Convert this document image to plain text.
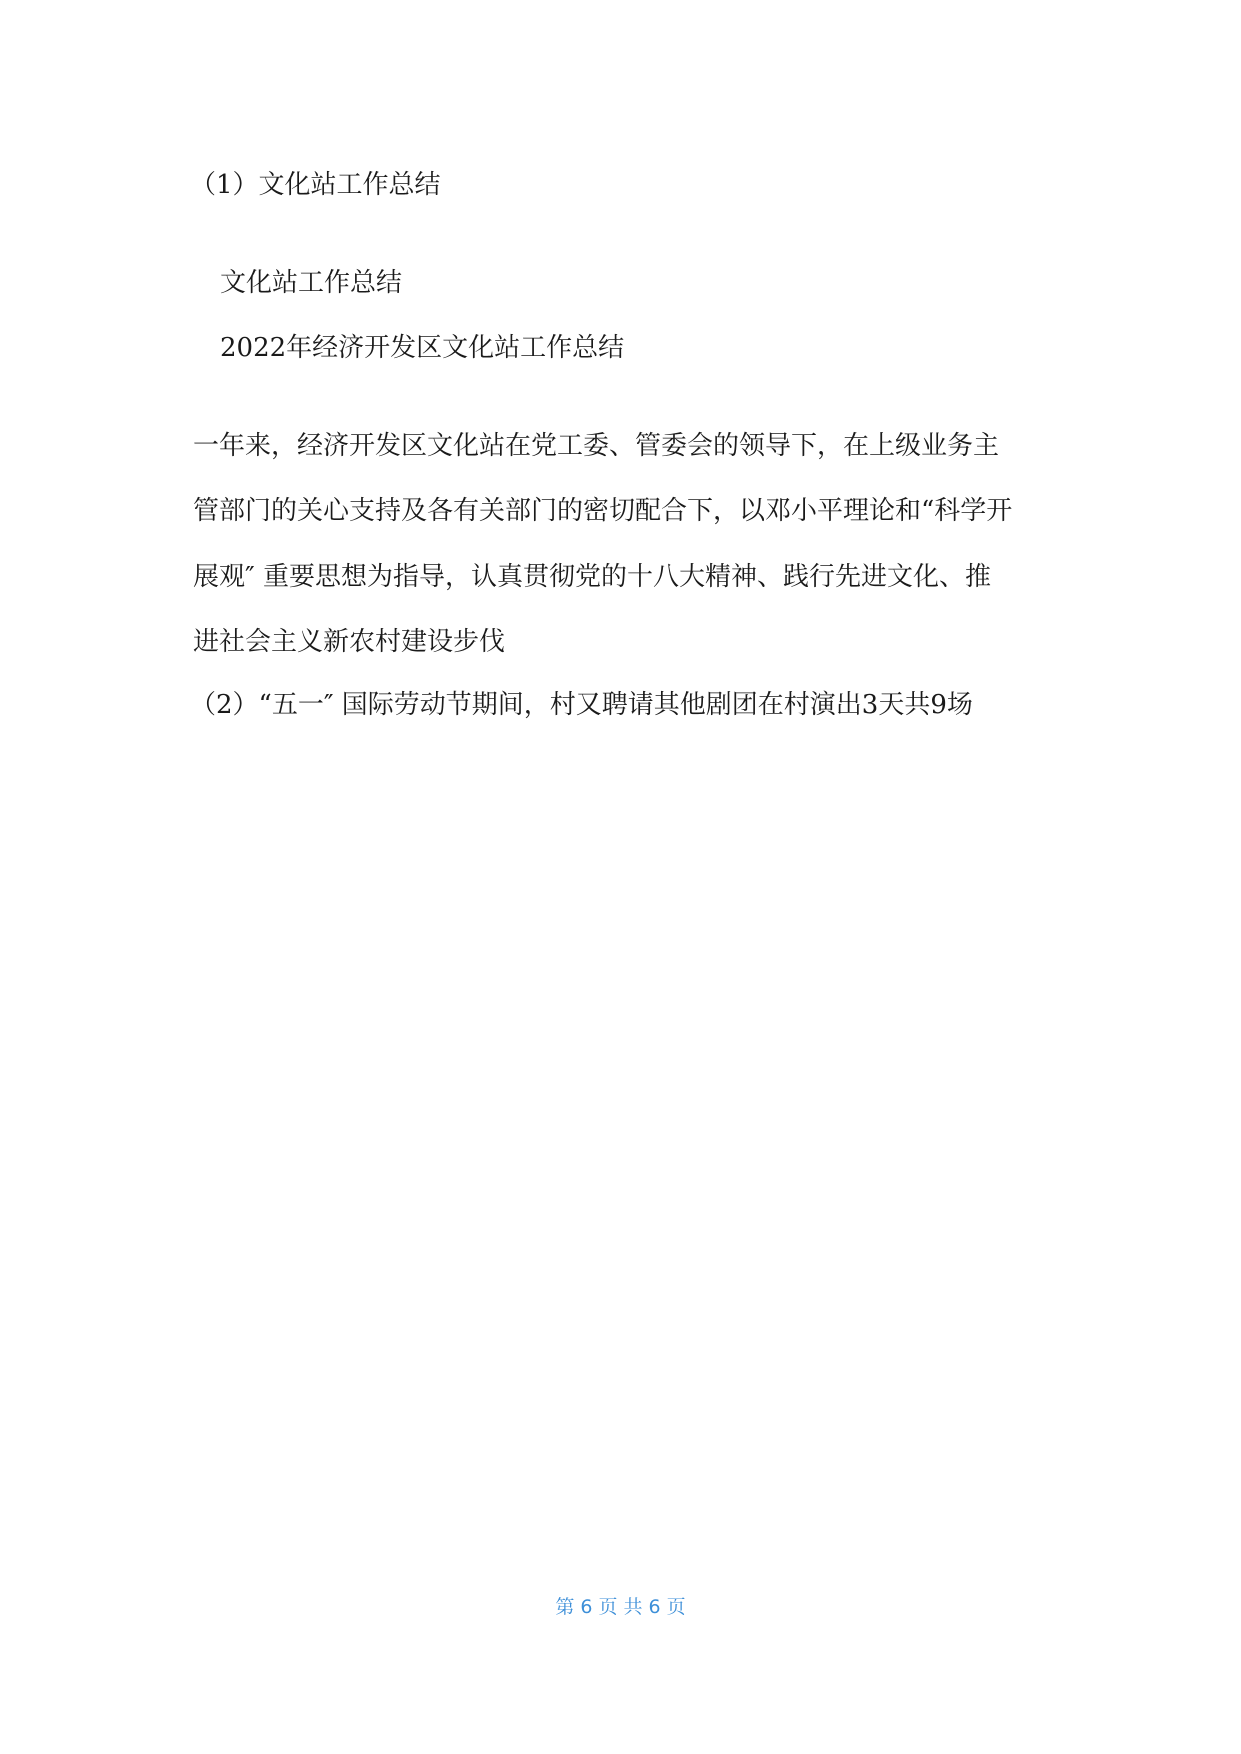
（1）文化站工作总结
文化站工作总结
2022年经济开发区文化站工作总结
一年来，经济开发区文化站在党工委、管委会的领导下，在上级业务主
管部门的关心支持及各有关部门的密切配合下，以邓小平理论和“科学开
展观″ 重要思想为指导，认真贯彻党的十八大精神、践行先进文化、推
进社会主义新农村建设步伐
（2）“五一″ 国际劳动节期间，村又聘请其他剧团在村演出3天共9场
第 6 页 共 6 页
